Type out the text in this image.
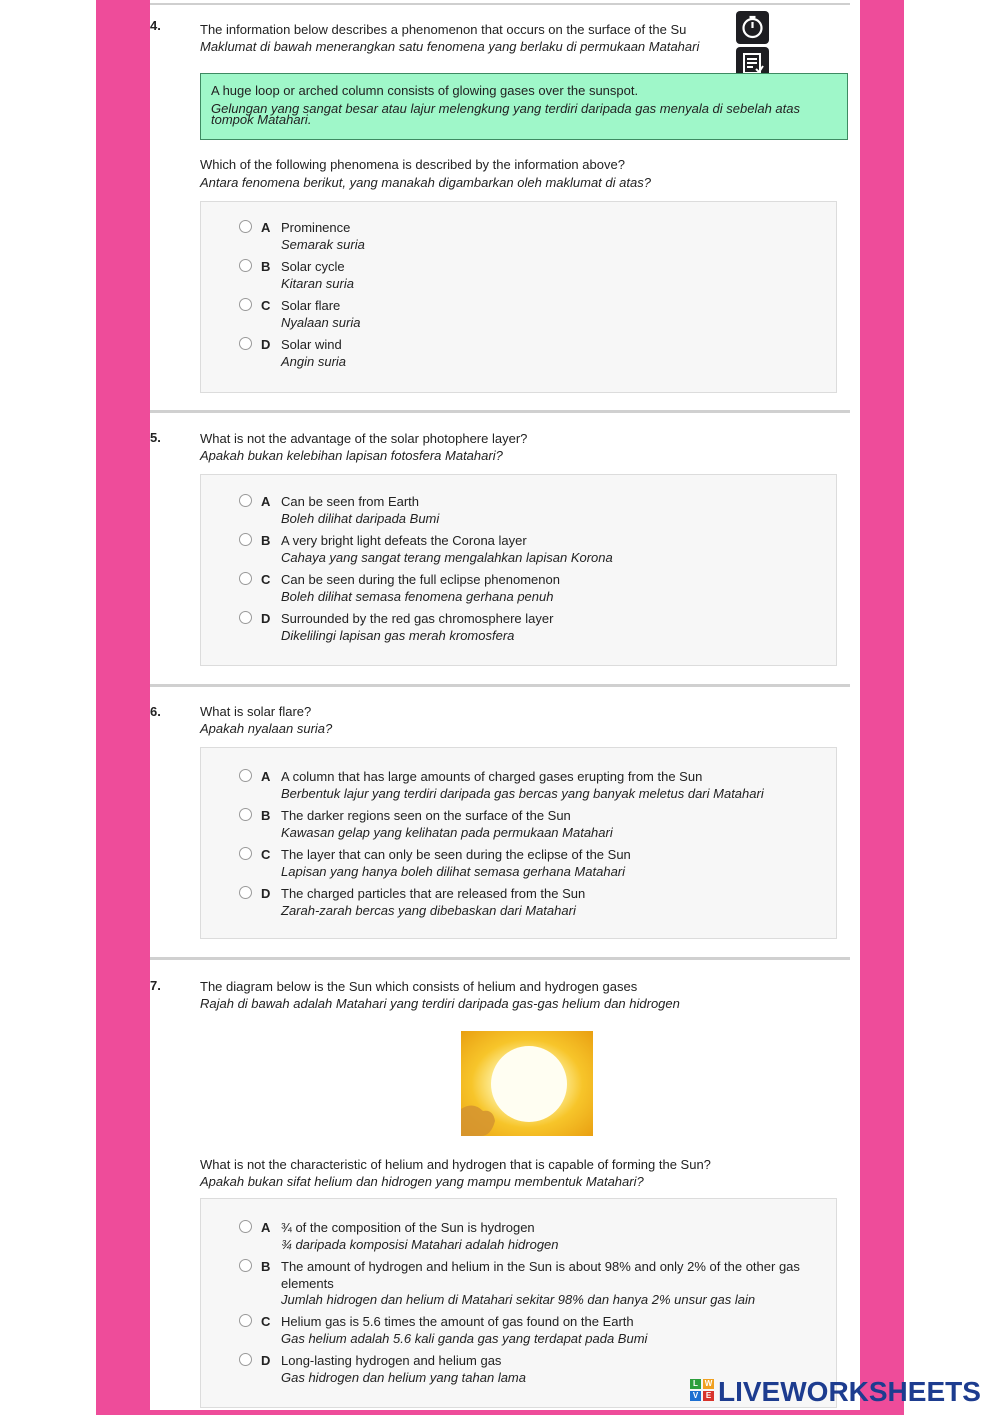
4.	The information below describes a phenomenon that occurs on the surface of the Su
Maklumat di bawah menerangkan satu fenomena yang berlaku di permukaan Matahari
A huge loop or arched column consists of glowing gases over the sunspot.
Gelungan yang sangat besar atau lajur melengkung yang terdiri daripada gas menyala di sebelah atas
tompok Matahari.
Which of the following phenomena is described by the information above?
Antara fenomena berikut, yang manakah digambarkan oleh maklumat di atas?
A Prominence
Semarak suria
B Solar cycle
Kitaran suria
C Solar flare
Nyalaan suria
D Solar wind
Angin suria
5.	What is not the advantage of the solar photophere layer?
Apakah bukan kelebihan lapisan fotosfera Matahari?
A Can be seen from Earth
Boleh dilihat daripada Bumi
B A very bright light defeats the Corona layer
Cahaya yang sangat terang mengalahkan lapisan Korona
C Can be seen during the full eclipse phenomenon
Boleh dilihat semasa fenomena gerhana penuh
D Surrounded by the red gas chromosphere layer
Dikelilingi lapisan gas merah kromosfera
6.	What is solar flare?
Apakah nyalaan suria?
A A column that has large amounts of charged gases erupting from the Sun
Berbentuk lajur yang terdiri daripada gas bercas yang banyak meletus dari Matahari
B The darker regions seen on the surface of the Sun
Kawasan gelap yang kelihatan pada permukaan Matahari
C The layer that can only be seen during the eclipse of the Sun
Lapisan yang hanya boleh dilihat semasa gerhana Matahari
D The charged particles that are released from the Sun
Zarah-zarah bercas yang dibebaskan dari Matahari
7.	The diagram below is the Sun which consists of helium and hydrogen gases
Rajah di bawah adalah Matahari yang terdiri daripada gas-gas helium dan hidrogen
What is not the characteristic of helium and hydrogen that is capable of forming the Sun?
Apakah bukan sifat helium dan hidrogen yang mampu membentuk Matahari?
A ¾ of the composition of the Sun is hydrogen
¾ daripada komposisi Matahari adalah hidrogen
B The amount of hydrogen and helium in the Sun is about 98% and only 2% of the other gas elements
Jumlah hidrogen dan helium di Matahari sekitar 98% dan hanya 2% unsur gas lain
C Helium gas is 5.6 times the amount of gas found on the Earth
Gas helium adalah 5.6 kali ganda gas yang terdapat pada Bumi
D Long-lasting hydrogen and helium gas
Gas hidrogen dan helium yang tahan lama	L W
V E LIVEWORKSHEETS
